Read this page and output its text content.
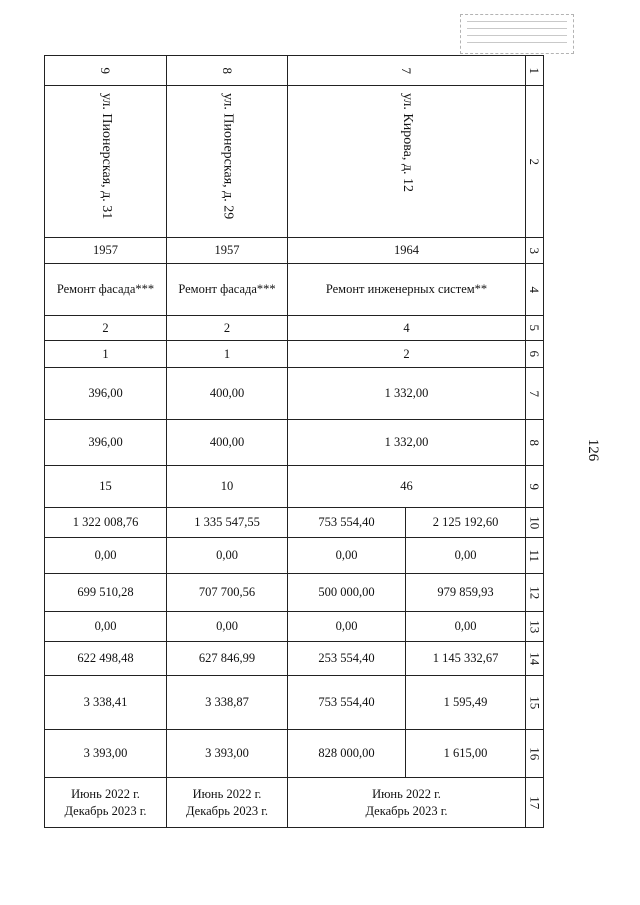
126
9	8	7		1

ул. Пионерская, д. 31	ул. Пионерская, д. 29	ул. Кирова, д. 12		2
1957	1957	1964		3
Ремонт фасада***	Ремонт фасада***	Ремонт инженерных систем**		4
2	2	4		5
1	1	2		6
396,00	400,00	1 332,00		7
396,00	400,00	1 332,00		8
15	10	46		9
1 322 008,76	1 335 547,55	753 554,40	2 125 192,60	10
0,00	0,00	0,00	0,00	11
699 510,28	707 700,56	500 000,00	979 859,93	12
0,00	0,00	0,00	0,00	13
622 498,48	627 846,99	253 554,40	1 145 332,67	14
3 338,41	3 338,87	753 554,40	1 595,49	15
3 393,00	3 393,00	828 000,00	1 615,00	16

Июнь 2022 г.
Декабрь 2023 г.	Июнь 2022 г.
Декабрь 2023 г.	Июнь 2022 г.
Декабрь 2023 г.		17
